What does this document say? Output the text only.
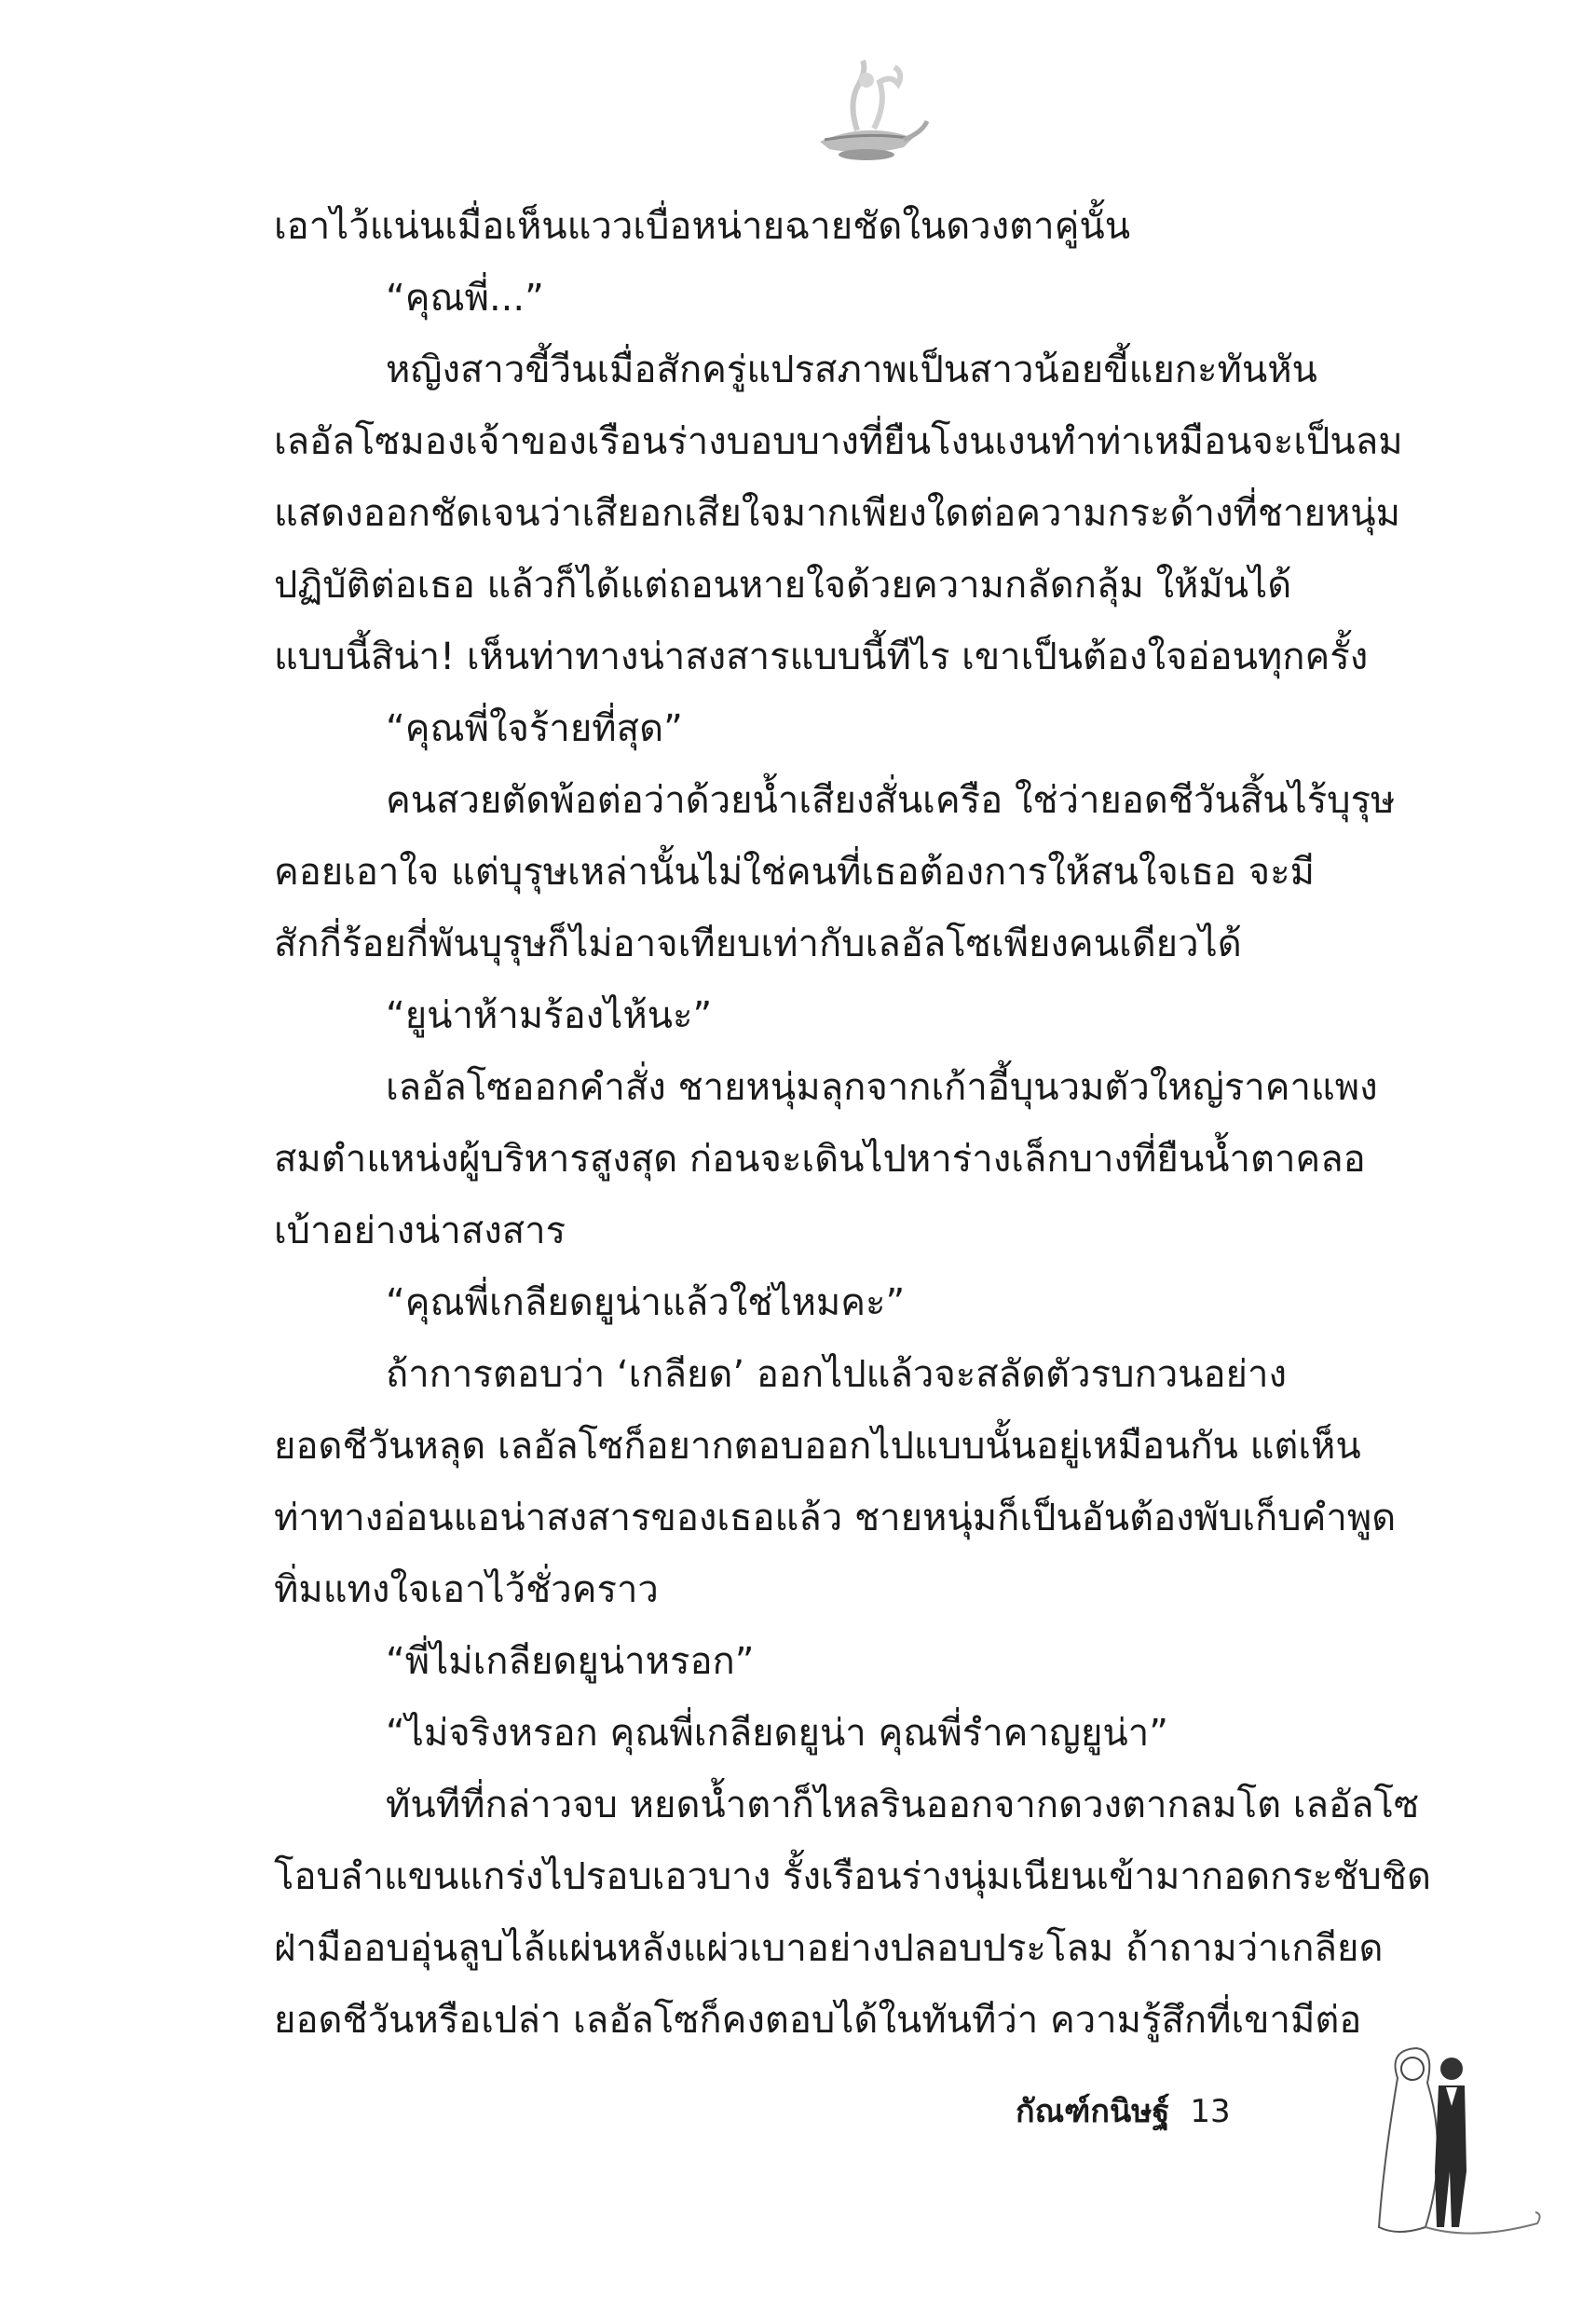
เอาไว้แน่นเมื่อเห็นแววเบื่อหน่ายฉายชัดในดวงตาคู่นั้น

“คุณพี่...”

หญิงสาวขี้วีนเมื่อสักครู่แปรสภาพเป็นสาวน้อยขี้แยกะทันหัน

เลอัลโซมองเจ้าของเรือนร่างบอบบางที่ยืนโงนเงนทำท่าเหมือนจะเป็นลม

แสดงออกชัดเจนว่าเสียอกเสียใจมากเพียงใดต่อความกระด้างที่ชายหนุ่ม

ปฏิบัติต่อเธอ แล้วก็ได้แต่ถอนหายใจด้วยความกลัดกลุ้ม ให้มันได้

แบบนี้สิน่า! เห็นท่าทางน่าสงสารแบบนี้ทีไร เขาเป็นต้องใจอ่อนทุกครั้ง

“คุณพี่ใจร้ายที่สุด”

คนสวยตัดพ้อต่อว่าด้วยน้ำเสียงสั่นเครือ ใช่ว่ายอดชีวันสิ้นไร้บุรุษ

คอยเอาใจ แต่บุรุษเหล่านั้นไม่ใช่คนที่เธอต้องการให้สนใจเธอ จะมี

สักกี่ร้อยกี่พันบุรุษก็ไม่อาจเทียบเท่ากับเลอัลโซเพียงคนเดียวได้

“ยูน่าห้ามร้องไห้นะ”

เลอัลโซออกคำสั่ง ชายหนุ่มลุกจากเก้าอี้บุนวมตัวใหญ่ราคาแพง

สมตำแหน่งผู้บริหารสูงสุด ก่อนจะเดินไปหาร่างเล็กบางที่ยืนน้ำตาคลอ

เบ้าอย่างน่าสงสาร

“คุณพี่เกลียดยูน่าแล้วใช่ไหมคะ”

ถ้าการตอบว่า ‘เกลียด’ ออกไปแล้วจะสลัดตัวรบกวนอย่าง

ยอดชีวันหลุด เลอัลโซก็อยากตอบออกไปแบบนั้นอยู่เหมือนกัน แต่เห็น

ท่าทางอ่อนแอน่าสงสารของเธอแล้ว ชายหนุ่มก็เป็นอันต้องพับเก็บคำพูด

ทิ่มแทงใจเอาไว้ชั่วคราว

“พี่ไม่เกลียดยูน่าหรอก”

“ไม่จริงหรอก คุณพี่เกลียดยูน่า คุณพี่รำคาญยูน่า”

ทันทีที่กล่าวจบ หยดน้ำตาก็ไหลรินออกจากดวงตากลมโต เลอัลโซ

โอบลำแขนแกร่งไปรอบเอวบาง รั้งเรือนร่างนุ่มเนียนเข้ามากอดกระชับชิด

ฝ่ามืออบอุ่นลูบไล้แผ่นหลังแผ่วเบาอย่างปลอบประโลม ถ้าถามว่าเกลียด

ยอดชีวันหรือเปล่า เลอัลโซก็คงตอบได้ในทันทีว่า ความรู้สึกที่เขามีต่อ

กัณฑ์กนิษฐ์ 13
